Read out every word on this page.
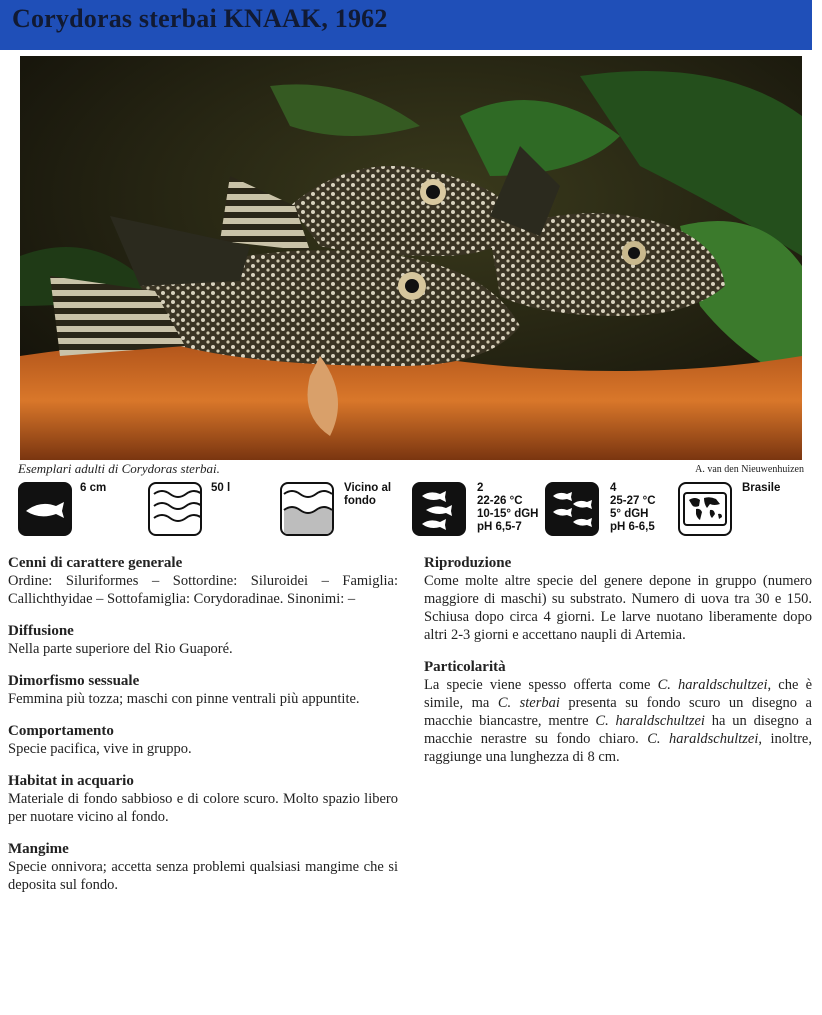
Corydoras sterbai KNAAK, 1962
Esemplari adulti di Corydoras sterbai.	A. van den Nieuwenhuizen
6 cm	50 l	Vicino al
fondo
2
22-26 °C
10-15° dGH
pH 6,5-7
4
25-27 °C
5° dGH
pH 6-6,5
Brasile

Cenni di carattere generale

Ordine: Siluriformes – Sottordine: Siluroidei – Famiglia: Callichthyidae – Sottofamiglia: Corydoradinae. Sinonimi: –

Diffusione

Nella parte superiore del Rio Guaporé.

Dimorfismo sessuale

Femmina più tozza; maschi con pinne ventrali più appuntite.

Comportamento

Specie pacifica, vive in gruppo.

Habitat in acquario

Materiale di fondo sabbioso e di colore scuro. Molto spazio libero per nuotare vicino al fondo.

Mangime

Specie onnivora; accetta senza problemi qualsiasi mangime che si deposita sul fondo.

Riproduzione

Come molte altre specie del genere depone in gruppo (numero maggiore di maschi) su substrato. Numero di uova tra 30 e 150. Schiusa dopo circa 4 giorni. Le larve nuotano liberamente dopo altri 2-3 giorni e accettano naupli di Artemia.

Particolarità

La specie viene spesso offerta come C. haraldschultzei, che è simile, ma C. sterbai presenta su fondo scuro un disegno a macchie biancastre, mentre C. haraldschultzei ha un disegno a macchie nerastre su fondo chiaro. C. haraldschultzei, inoltre, raggiunge una lunghezza di 8 cm.
